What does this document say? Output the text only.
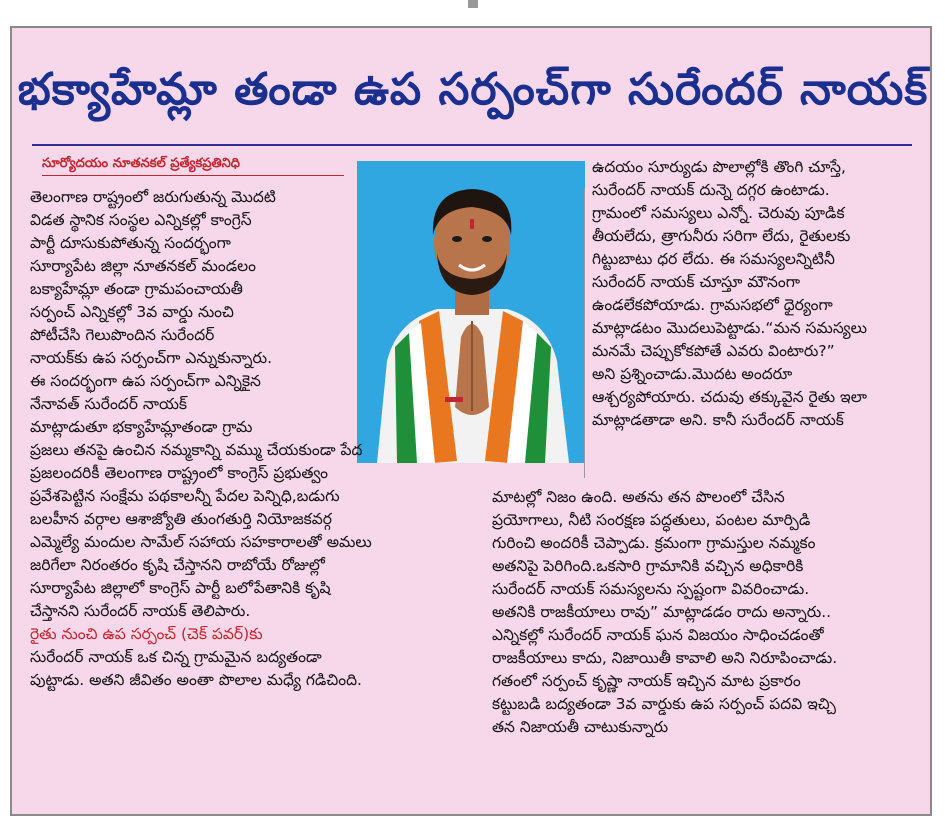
భక్యాహేమ్లా తండా ఉప సర్పంచ్‌గా సురేందర్ నాయక్
సూర్యోదయం నూతనకల్ ప్రత్యేకప్రతినిధి
తెలంగాణ రాష్ట్రంలో జరుగుతున్న మొదటి
విడత స్థానిక సంస్థల ఎన్నికల్లో కాంగ్రెస్
పార్టీ దూసుకుపోతున్న సందర్భంగా
సూర్యాపేట జిల్లా నూతనకల్ మండలం
బక్యాహేమ్లా తండా గ్రామపంచాయతీ
సర్పంచ్ ఎన్నికల్లో 3వ వార్డు నుంచి
పోటీచేసి గెలుపొందిన సురేందర్
నాయక్‌కు ఉప సర్పంచ్‌గా ఎన్నుకున్నారు.
ఈ సందర్భంగా ఉప సర్పంచ్‌గా ఎన్నికైన
నేనావత్ సురేందర్ నాయక్
మాట్లాడుతూ భక్యాహేమ్లాతండా గ్రామ
ప్రజలు తనపై ఉంచిన నమ్మకాన్ని వమ్ము చేయకుండా పేద
ప్రజలందరికీ తెలంగాణ రాష్ట్రంలో కాంగ్రెస్ ప్రభుత్వం
ప్రవేశపెట్టిన సంక్షేమ పథకాలన్నీ పేదల పెన్నిధి,బడుగు
బలహీన వర్గాల ఆశాజ్యోతి తుంగతుర్తి నియోజకవర్గ
ఎమ్మెల్యే మందుల సామేల్ సహాయ సహకారాలతో అమలు
జరిగేలా నిరంతరం కృషి చేస్తానని రాబోయే రోజుల్లో
సూర్యాపేట జిల్లాలో కాంగ్రెస్ పార్టీ బలోపేతానికి కృషి
చేస్తానని సురేందర్ నాయక్ తెలిపారు.
రైతు నుంచి ఉప సర్పంచ్ (చెక్ పవర్)కు
సురేందర్ నాయక్ ఒక చిన్న గ్రామమైన బద్యతండా
పుట్టాడు. అతని జీవితం అంతా పొలాల మధ్యే గడిచింది.
ఉదయం సూర్యుడు పొలాల్లోకి తొంగి చూస్తే,
సురేందర్ నాయక్ దున్నె దగ్గర ఉంటాడు.
గ్రామంలో సమస్యలు ఎన్నో. చెరువు పూడిక
తీయలేదు, త్రాగునీరు సరిగా లేదు, రైతులకు
గిట్టుబాటు ధర లేదు. ఈ సమస్యలన్నిటినీ
సురేందర్ నాయక్ చూస్తూ మౌనంగా
ఉండలేకపోయాడు. గ్రామసభలో ధైర్యంగా
మాట్లాడటం మొదలుపెట్టాడు.“మన సమస్యలు
మనమే చెప్పుకోకపోతే ఎవరు వింటారు?”
అని ప్రశ్నించాడు.మొదట అందరూ
ఆశ్చర్యపోయారు. చదువు తక్కువైన రైతు ఇలా
మాట్లాడతాడా అని. కానీ సురేందర్ నాయక్
మాటల్లో నిజం ఉంది. అతను తన పొలంలో చేసిన
ప్రయోగాలు, నీటి సంరక్షణ పద్ధతులు, పంటల మార్పిడి
గురించి అందరికీ చెప్పాడు. క్రమంగా గ్రామస్తుల నమ్మకం
అతనిపై పెరిగింది.ఒకసారి గ్రామానికి వచ్చిన అధికారికి
సురేందర్ నాయక్ సమస్యలను స్పష్టంగా వివరించాడు.
అతనికి రాజకీయాలు రావు” మాట్లాడడం రాదు అన్నారు..
ఎన్నికల్లో సురేందర్ నాయక్ ఘన విజయం సాధించడంతో
రాజకీయాలు కాదు, నిజాయితీ కావాలి అని నిరూపించాడు.
గతంలో సర్పంచ్ కృష్ణా నాయక్ ఇచ్చిన మాట ప్రకారం
కట్టుబడి బద్యతండా 3వ వార్డుకు ఉప సర్పంచ్ పదవి ఇచ్చి
తన నిజాయతీ చాటుకున్నారు
